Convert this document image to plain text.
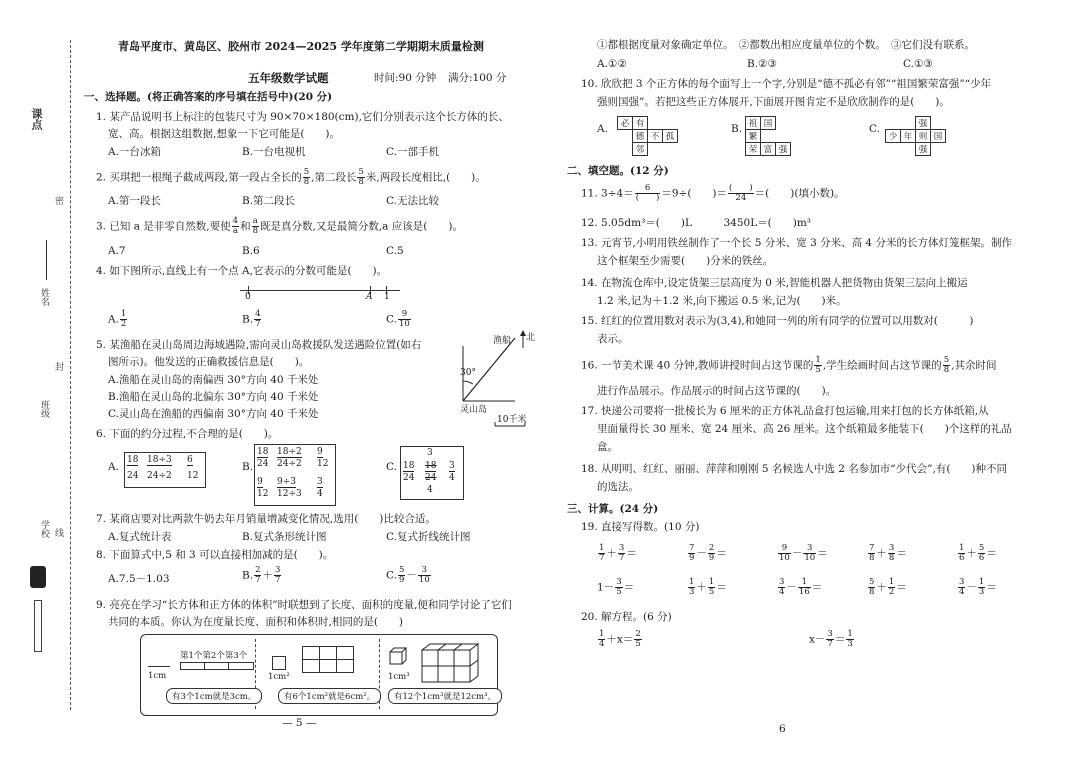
课点
密
姓名
封
班级
学校 线
青岛平度市、黄岛区、胶州市 2024—2025 学年度第二学期期末质量检测
五年级数学试题	时间:90 分钟 满分:100 分
一、选择题。(将正确答案的序号填在括号中)(20 分)
1. 某产品说明书上标注的包装尺寸为 90×70×180(cm),它们分别表示这个长方体的长、
宽、高。根据这组数据,想象一下它可能是(　　)。
A.一台冰箱	B.一台电视机	C.一部手机
2. 买琪把一根绳子截成两段,第一段占全长的 $\frac{5}{8}$ ,第二段长 $\frac{5}{8}$ 米,两段长度相比,(　　)。
A.第一段长	B.第二段长	C.无法比较
3. 已知 a 是非零自然数,要使 $\frac{4}{a}$ 和 $\frac{a}{8}$ 既是真分数,又是最简分数,a 应该是(　　)。
A.7	B.6	C.5
4. 如下图所示,直线上有一个点 A,它表示的分数可能是(　　)。
0	A 1
A. $\frac{1}{2}$	B. $\frac{4}{7}$	C. $\frac{9}{10}$
5. 某渔船在灵山岛周边海域遇险,需向灵山岛救援队发送遇险位置(如右
图所示)。他发送的正确救援信息是(　　)。
A.渔船在灵山岛的南偏西 30°方向 40 千米处
B.渔船在灵山岛的北偏东 30°方向 40 千米处
C.灵山岛在渔船的西偏南 30°方向 40 千米处
渔船 北
30°
灵山岛
10千米
6. 下面的约分过程,不合理的是(　　)。
A.
18
24
18÷3
24÷2
6
12
B.
18
24
18÷2
24÷2
9
12
9
12
9÷3
12÷3
3
4
C.
3
18
24
18
24
4
3
4
7. 某商店要对比两款牛奶去年月销量增减变化情况,选用(　　)比较合适。
A.复式统计表	B.复式条形统计图	C.复式折线统计图
8. 下面算式中,5 和 3 可以直接相加减的是(　　)。
A.7.5－1.03	B. $\frac{2}{7} + \frac{3}{7}$	C. $\frac{5}{9} - \frac{3}{10}$
9. 亮亮在学习“长方体和正方体的体积”时联想到了长度、面积的度量,便和同学讨论了它们
共同的本质。你认为在度量长度、面积和体积时,相同的是(　　)
第1个第2个第3个
1cm
有3个1cm就是3cm。
1cm²

有6个1cm²就是6cm²。
1cm³
有12个1cm³就是12cm³。
— 5 —
①都根据度量对象确定单位。　②都数出相应度量单位的个数。　③它们没有联系。
A.①②	B.②③	C.①③
10. 欣欣把 3 个正方体的每个面写上一个字,分别是“德不孤必有邻”“祖国繁荣富强”“少年
强则国强”。若把这些正方体展开,下面展开图肯定不是欣欣制作的是(　　)。
A. 必	有		
	德	不	孤
	邻		
B. 祖	国	
繁		
荣	富	强
C.
			强	
少	年	则	国
		强	
二、填空题。(12 分)
11. $3\div 4= \frac{6}{( )} =9\div$(　　)＝ $\frac{( )}{24}$ ＝(　　)(填小数)。
12. 5.05dm³＝(　　)L　　　3450L＝(　　)m³
13. 元宵节,小明用铁丝制作了一个长 5 分米、宽 3 分米、高 4 分米的长方体灯笼框架。制作
这个框架至少需要(　　)分米的铁丝。
14. 在物流仓库中,设定货架三层高度为 0 米,智能机器人把货物由货架三层向上搬运
1.2 米,记为＋1.2 米,向下搬运 0.5 米,记为(　　)米。
15. 红红的位置用数对表示为(3,4),和她同一列的所有同学的位置可以用数对(　　　)
表示。
16. 一节美术课 40 分钟,教师讲授时间占这节课的 $\frac{1}{5}$ ,学生绘画时间占这节课的 $\frac{5}{8}$ ,其余时间
进行作品展示。作品展示的时间占这节课的(　　)。
17. 快递公司要将一批棱长为 6 厘米的正方体礼品盒打包运输,用来打包的长方体纸箱,从
里面量得长 30 厘米、宽 24 厘米、高 26 厘米。这个纸箱最多能装下(　　)个这样的礼品
盒。
18. 从明明、红红、丽丽、萍萍和刚刚 5 名候选人中选 2 名参加市“少代会”,有(　　)种不同
的选法。
三、计算。(24 分)
19. 直接写得数。(10 分)
$\frac{1}{7} + \frac{3}{7}$ ＝	$\frac{7}{9} - \frac{2}{9}$ ＝	$\frac{9}{10} - \frac{3}{10}$ ＝	$\frac{7}{8} + \frac{3}{8}$ ＝	$\frac{1}{6} + \frac{5}{6}$ ＝
$1- \frac{3}{5}$ ＝	$\frac{1}{3} + \frac{1}{5}$ ＝	$\frac{3}{4} - \frac{1}{16}$ ＝	$\frac{5}{8} + \frac{1}{2}$ ＝	$\frac{3}{4} - \frac{1}{3}$ ＝
20. 解方程。(6 分)
$\frac{1}{4} +x= \frac{2}{5}$	$x- \frac{3}{7} = \frac{1}{3}$
6
